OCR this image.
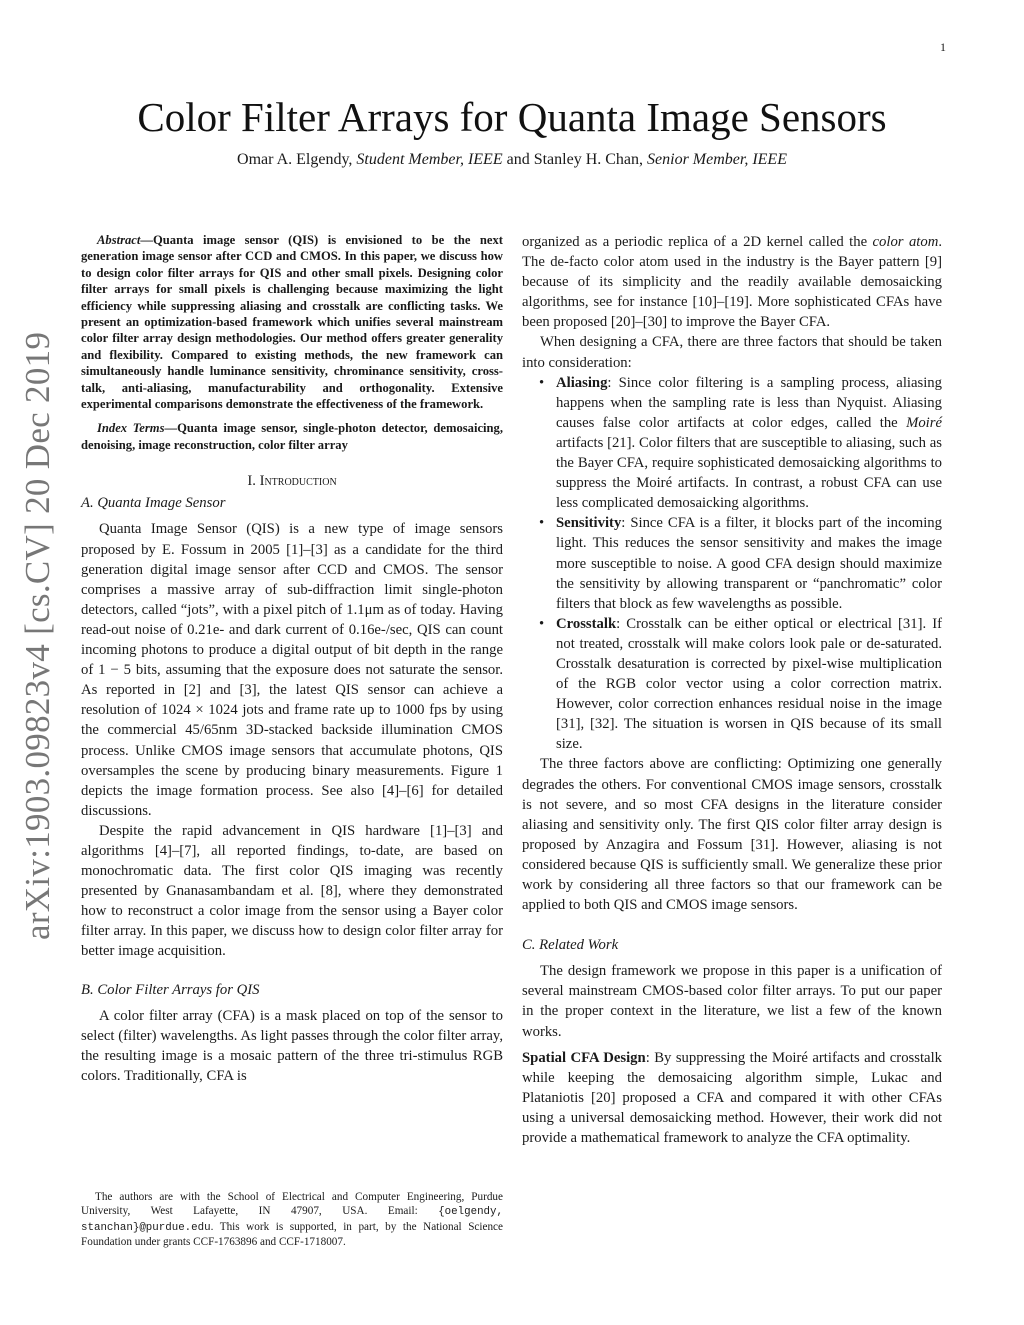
1
arXiv:1903.09823v4 [cs.CV] 20 Dec 2019
Color Filter Arrays for Quanta Image Sensors
Omar A. Elgendy, Student Member, IEEE and Stanley H. Chan, Senior Member, IEEE

Abstract—Quanta image sensor (QIS) is envisioned to be the next generation image sensor after CCD and CMOS. In this paper, we discuss how to design color filter arrays for QIS and other small pixels. Designing color filter arrays for small pixels is challenging because maximizing the light efficiency while suppressing aliasing and crosstalk are conflicting tasks. We present an optimization-based framework which unifies several mainstream color filter array design methodologies. Our method offers greater generality and flexibility. Compared to existing methods, the new framework can simultaneously handle luminance sensitivity, chrominance sensitivity, cross-talk, anti-aliasing, manufacturability and orthogonality. Extensive experimental comparisons demonstrate the effectiveness of the framework.

Index Terms—Quanta image sensor, single-photon detector, demosaicing, denoising, image reconstruction, color filter array

I. Introduction
A. Quanta Image Sensor

Quanta Image Sensor (QIS) is a new type of image sensors proposed by E. Fossum in 2005 [1]–[3] as a candidate for the third generation digital image sensor after CCD and CMOS. The sensor comprises a massive array of sub-diffraction limit single-photon detectors, called “jots”, with a pixel pitch of 1.1μm as of today. Having read-out noise of 0.21e- and dark current of 0.16e-/sec, QIS can count incoming photons to produce a digital output of bit depth in the range of 1 − 5 bits, assuming that the exposure does not saturate the sensor. As reported in [2] and [3], the latest QIS sensor can achieve a resolution of 1024 × 1024 jots and frame rate up to 1000 fps by using the commercial 45/65nm 3D-stacked backside illumination CMOS process. Unlike CMOS image sensors that accumulate photons, QIS oversamples the scene by producing binary measurements. Figure 1 depicts the image formation process. See also [4]–[6] for detailed discussions.

Despite the rapid advancement in QIS hardware [1]–[3] and algorithms [4]–[7], all reported findings, to-date, are based on monochromatic data. The first color QIS imaging was recently presented by Gnanasambandam et al. [8], where they demonstrated how to reconstruct a color image from the sensor using a Bayer color filter array. In this paper, we discuss how to design color filter array for better image acquisition.

B. Color Filter Arrays for QIS

A color filter array (CFA) is a mask placed on top of the sensor to select (filter) wavelengths. As light passes through the color filter array, the resulting image is a mosaic pattern of the three tri-stimulus RGB colors. Traditionally, CFA is

The authors are with the School of Electrical and Computer Engineering, Purdue University, West Lafayette, IN 47907, USA. Email: {oelgendy, stanchan}@purdue.edu. This work is supported, in part, by the National Science Foundation under grants CCF-1763896 and CCF-1718007.

organized as a periodic replica of a 2D kernel called the color atom. The de-facto color atom used in the industry is the Bayer pattern [9] because of its simplicity and the readily available demosaicking algorithms, see for instance [10]–[19]. More sophisticated CFAs have been proposed [20]–[30] to improve the Bayer CFA.

When designing a CFA, there are three factors that should be taken into consideration:

• Aliasing: Since color filtering is a sampling process, aliasing happens when the sampling rate is less than Nyquist. Aliasing causes false color artifacts at color edges, called the Moiré artifacts [21]. Color filters that are susceptible to aliasing, such as the Bayer CFA, require sophisticated demosaicking algorithms to suppress the Moiré artifacts. In contrast, a robust CFA can use less complicated demosaicking algorithms.
• Sensitivity: Since CFA is a filter, it blocks part of the incoming light. This reduces the sensor sensitivity and makes the image more susceptible to noise. A good CFA design should maximize the sensitivity by allowing transparent or “panchromatic” color filters that block as few wavelengths as possible.
• Crosstalk: Crosstalk can be either optical or electrical [31]. If not treated, crosstalk will make colors look pale or de-saturated. Crosstalk desaturation is corrected by pixel-wise multiplication of the RGB color vector using a color correction matrix. However, color correction enhances residual noise in the image [31], [32]. The situation is worsen in QIS because of its small size.

The three factors above are conflicting: Optimizing one generally degrades the others. For conventional CMOS image sensors, crosstalk is not severe, and so most CFA designs in the literature consider aliasing and sensitivity only. The first QIS color filter array design is proposed by Anzagira and Fossum [31]. However, aliasing is not considered because QIS is sufficiently small. We generalize these prior work by considering all three factors so that our framework can be applied to both QIS and CMOS image sensors.

C. Related Work

The design framework we propose in this paper is a unification of several mainstream CMOS-based color filter arrays. To put our paper in the proper context in the literature, we list a few of the known works.

Spatial CFA Design: By suppressing the Moiré artifacts and crosstalk while keeping the demosaicing algorithm simple, Lukac and Plataniotis [20] proposed a CFA and compared it with other CFAs using a universal demosaicking method. However, their work did not provide a mathematical framework to analyze the CFA optimality.
